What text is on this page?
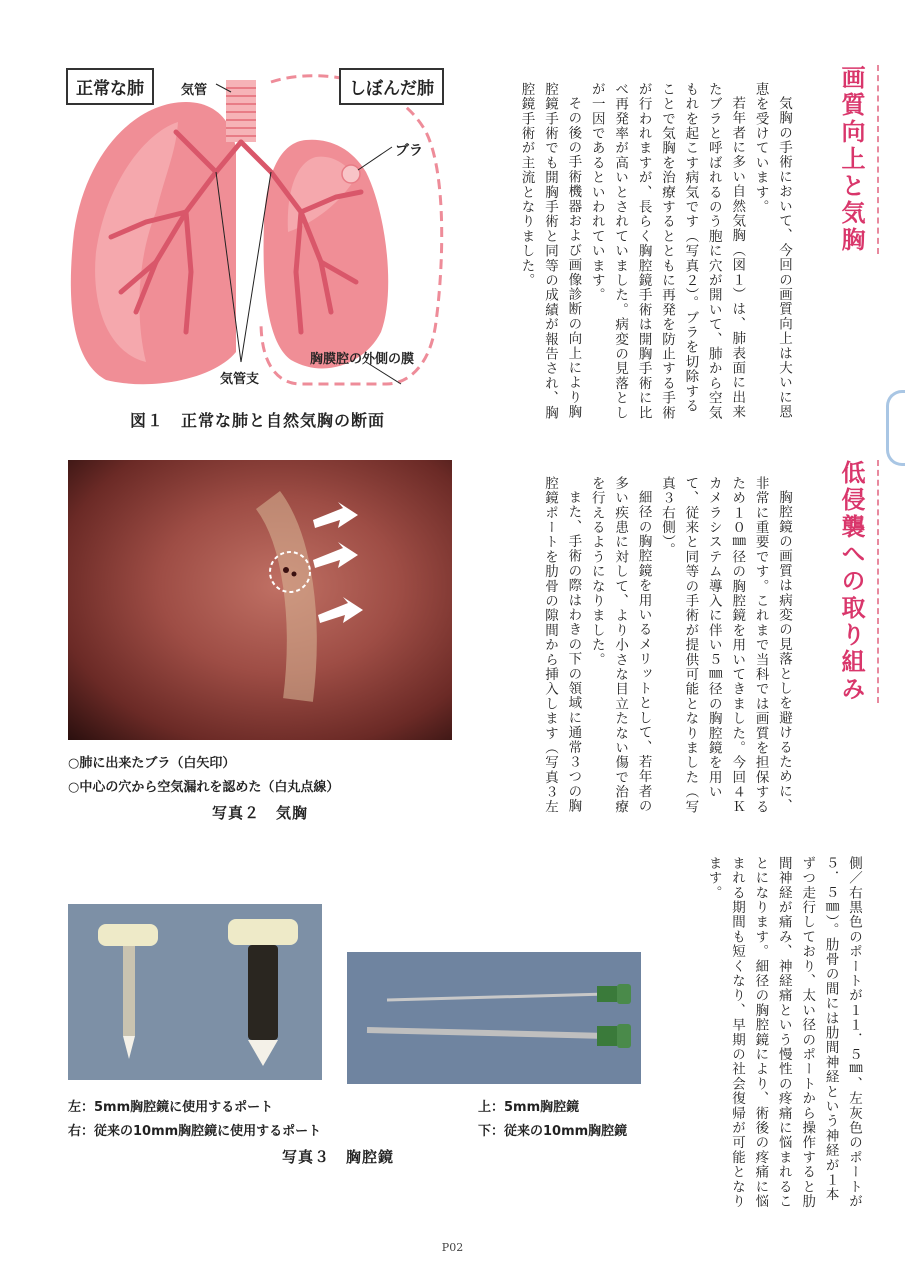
画質向上と気胸
低侵襲への取り組み

気胸の手術において、今回の画質向上は大いに恩恵を受けています。

若年者に多い自然気胸（図１）は、肺表面に出来たブラと呼ばれるのう胞に穴が開いて、肺から空気もれを起こす病気です（写真２）。ブラを切除することで気胸を治療するとともに再発を防止する手術が行われますが、長らく胸腔鏡手術は開胸手術に比べ再発率が高いとされていました。病変の見落としが一因であるといわれています。

その後の手術機器および画像診断の向上により胸腔鏡手術でも開胸手術と同等の成績が報告され、胸腔鏡手術が主流となりました。

胸腔鏡の画質は病変の見落としを避けるために、非常に重要です。これまで当科では画質を担保するため１０㎜径の胸腔鏡を用いてきました。今回４Ｋカメラシステム導入に伴い５㎜径の胸腔鏡を用いて、従来と同等の手術が提供可能となりました（写真３右側）。

細径の胸腔鏡を用いるメリットとして、若年者の多い疾患に対して、より小さな目立たない傷で治療を行えるようになりました。

また、手術の際はわきの下の領域に通常３つの胸腔鏡ポートを肋骨の隙間から挿入します（写真３左

側／右黒色のポートが１１．５㎜、左灰色のポートが５．５㎜）。肋骨の間には肋間神経という神経が１本ずつ走行しており、太い径のポートから操作すると肋間神経が痛み、神経痛という慢性の疼痛に悩まれることになります。細径の胸腔鏡により、術後の疼痛に悩まれる期間も短くなり、早期の社会復帰が可能となります。

正常な肺	しぼんだ肺
気管
ブラ
気管支
胸膜腔の外側の膜
図１　正常な肺と自然気胸の断面
○肺に出来たブラ（白矢印）
○中心の穴から空気漏れを認めた（白丸点線）
写真２　気胸
左：5mm胸腔鏡に使用するポート
右：従来の10mm胸腔鏡に使用するポート
上：5mm胸腔鏡
下：従来の10mm胸腔鏡
写真３　胸腔鏡
P02
